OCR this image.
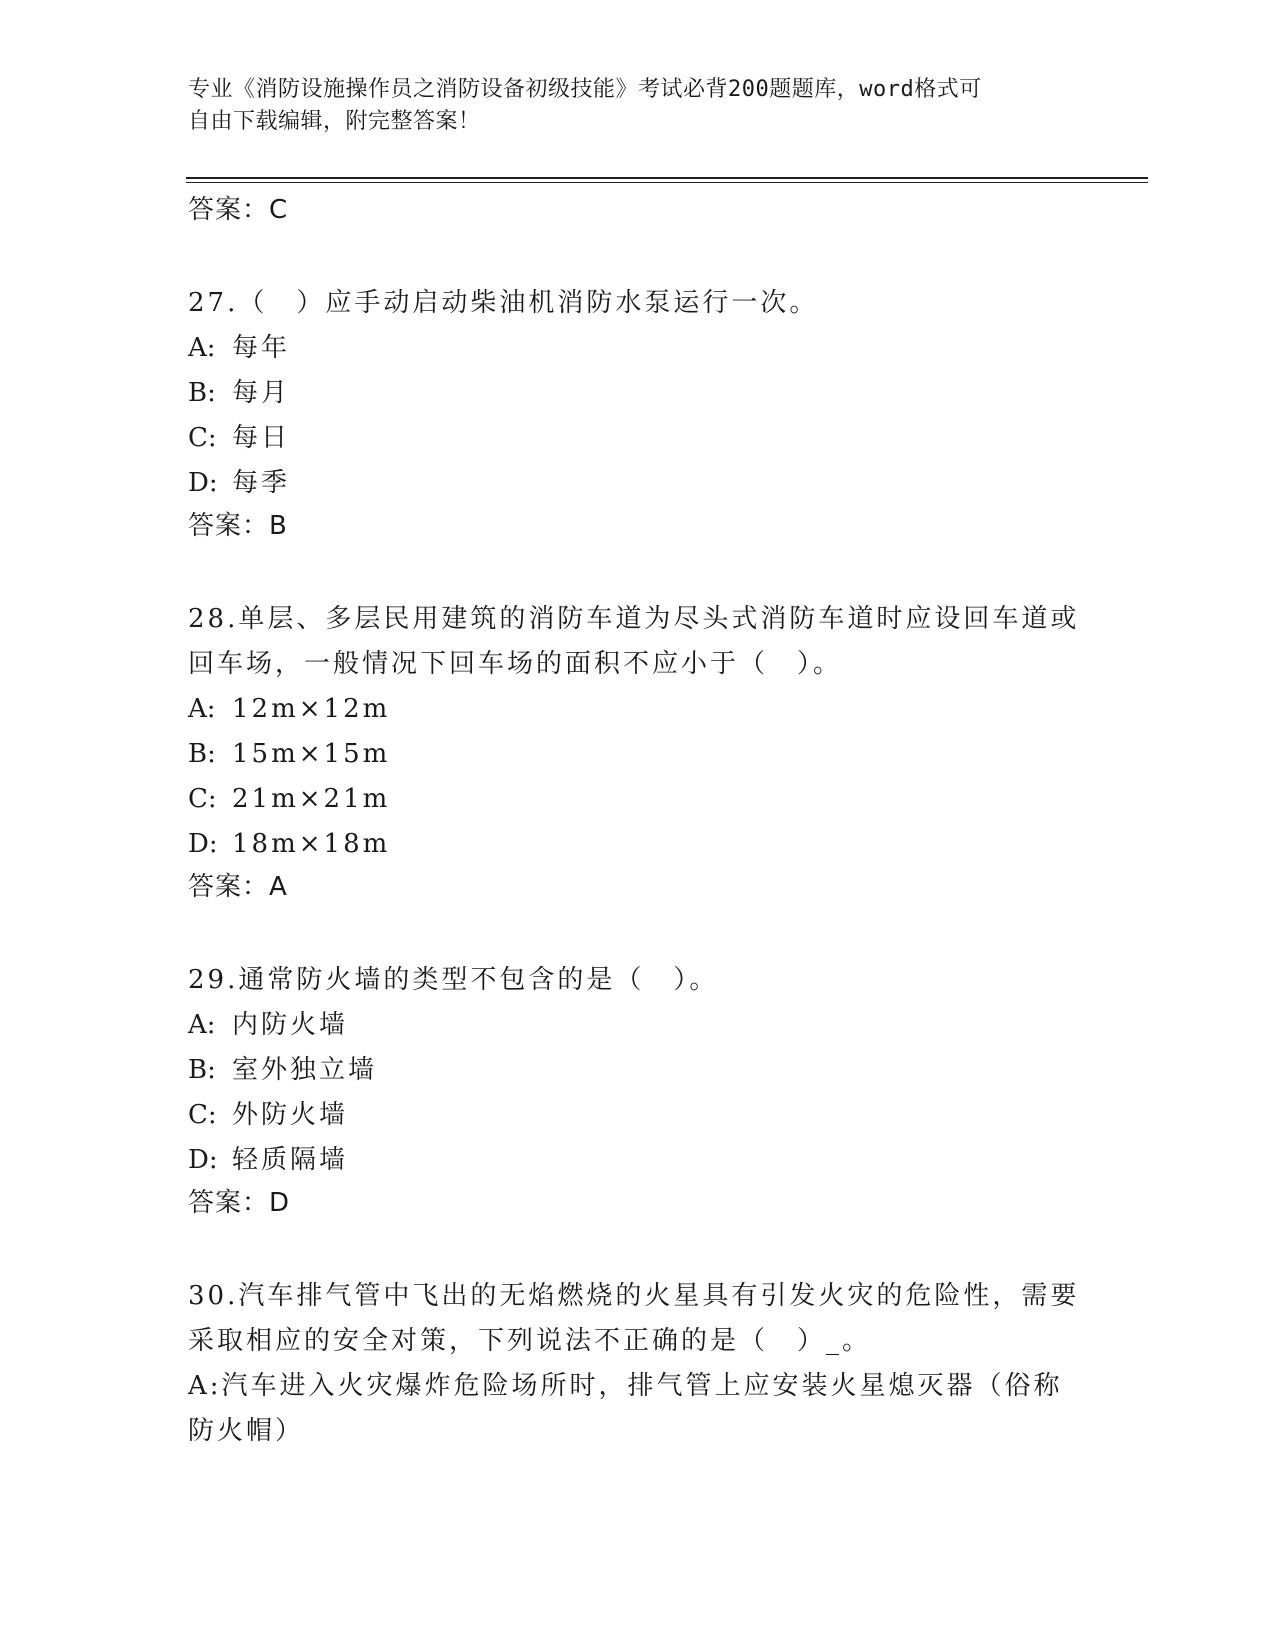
专业《消防设施操作员之消防设备初级技能》考试必背200题题库，word格式可
自由下载编辑，附完整答案！
答案：C
27.（　）应手动启动柴油机消防水泵运行一次。
A: 每年
B: 每月
C: 每日
D: 每季
答案：B
28.单层、多层民用建筑的消防车道为尽头式消防车道时应设回车道或
回车场，一般情况下回车场的面积不应小于（　）。
A: 12m×12m
B: 15m×15m
C: 21m×21m
D: 18m×18m
答案：A
29.通常防火墙的类型不包含的是（　）。
A: 内防火墙
B: 室外独立墙
C: 外防火墙
D: 轻质隔墙
答案：D
30.汽车排气管中飞出的无焰燃烧的火星具有引发火灾的危险性，需要
采取相应的安全对策，下列说法不正确的是（　）_。
A:汽车进入火灾爆炸危险场所时，排气管上应安装火星熄灭器（俗称
防火帽）
